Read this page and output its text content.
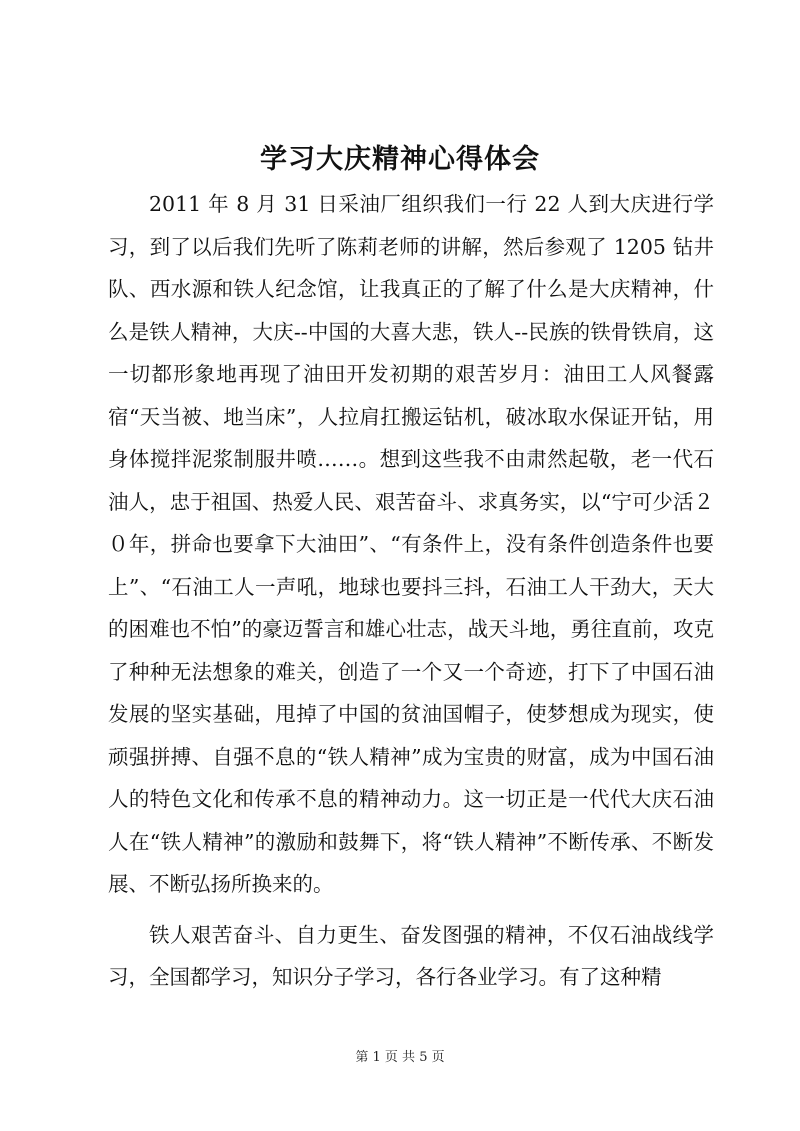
学习大庆精神心得体会

2011 年 8 月 31 日采油厂组织我们一行 22 人到大庆进行学习，到了以后我们先听了陈莉老师的讲解，然后参观了 1205 钻井队、西水源和铁人纪念馆，让我真正的了解了什么是大庆精神，什么是铁人精神，大庆--中国的大喜大悲，铁人--民族的铁骨铁肩，这一切都形象地再现了油田开发初期的艰苦岁月：油田工人风餐露宿“天当被、地当床”，人拉肩扛搬运钻机，破冰取水保证开钻，用身体搅拌泥浆制服井喷……。想到这些我不由肃然起敬，老一代石油人，忠于祖国、热爱人民、艰苦奋斗、求真务实，以“宁可少活２０年，拼命也要拿下大油田”、“有条件上，没有条件创造条件也要上”、“石油工人一声吼，地球也要抖三抖，石油工人干劲大，天大的困难也不怕”的豪迈誓言和雄心壮志，战天斗地，勇往直前，攻克了种种无法想象的难关，创造了一个又一个奇迹，打下了中国石油发展的坚实基础，甩掉了中国的贫油国帽子，使梦想成为现实，使顽强拼搏、自强不息的“铁人精神”成为宝贵的财富，成为中国石油人的特色文化和传承不息的精神动力。这一切正是一代代大庆石油人在“铁人精神”的激励和鼓舞下，将“铁人精神”不断传承、不断发展、不断弘扬所换来的。

铁人艰苦奋斗、自力更生、奋发图强的精神，不仅石油战线学习，全国都学习，知识分子学习，各行各业学习。有了这种精

第 1 页 共 5 页
